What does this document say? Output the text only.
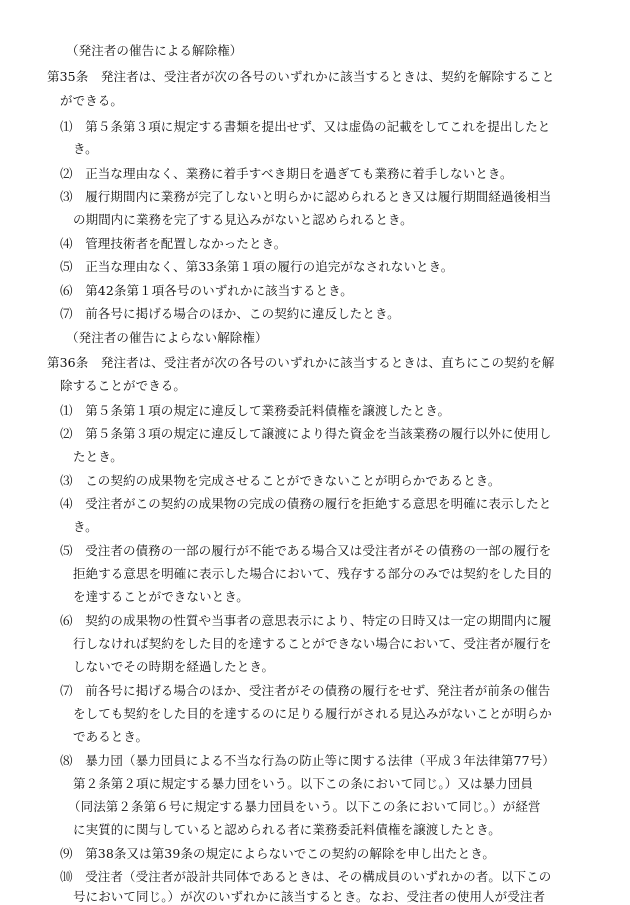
（発注者の催告による解除権）
第35条　発注者は、受注者が次の各号のいずれかに該当するときは、契約を解除すること
ができる。
⑴　第５条第３項に規定する書類を提出せず、又は虚偽の記載をしてこれを提出したと
き。
⑵　正当な理由なく、業務に着手すべき期日を過ぎても業務に着手しないとき。
⑶　履行期間内に業務が完了しないと明らかに認められるとき又は履行期間経過後相当
の期間内に業務を完了する見込みがないと認められるとき。
⑷　管理技術者を配置しなかったとき。
⑸　正当な理由なく、第33条第１項の履行の追完がなされないとき。
⑹　第42条第１項各号のいずれかに該当するとき。
⑺　前各号に掲げる場合のほか、この契約に違反したとき。
（発注者の催告によらない解除権）
第36条　発注者は、受注者が次の各号のいずれかに該当するときは、直ちにこの契約を解
除することができる。
⑴　第５条第１項の規定に違反して業務委託料債権を譲渡したとき。
⑵　第５条第３項の規定に違反して譲渡により得た資金を当該業務の履行以外に使用し
たとき。
⑶　この契約の成果物を完成させることができないことが明らかであるとき。
⑷　受注者がこの契約の成果物の完成の債務の履行を拒絶する意思を明確に表示したと
き。
⑸　受注者の債務の一部の履行が不能である場合又は受注者がその債務の一部の履行を
拒絶する意思を明確に表示した場合において、残存する部分のみでは契約をした目的
を達することができないとき。
⑹　契約の成果物の性質や当事者の意思表示により、特定の日時又は一定の期間内に履
行しなければ契約をした目的を達することができない場合において、受注者が履行を
しないでその時期を経過したとき。
⑺　前各号に掲げる場合のほか、受注者がその債務の履行をせず、発注者が前条の催告
をしても契約をした目的を達するのに足りる履行がされる見込みがないことが明らか
であるとき。
⑻　暴力団（暴力団員による不当な行為の防止等に関する法律（平成３年法律第77号）
第２条第２項に規定する暴力団をいう。以下この条において同じ。）又は暴力団員
（同法第２条第６号に規定する暴力団員をいう。以下この条において同じ。）が経営
に実質的に関与していると認められる者に業務委託料債権を譲渡したとき。
⑼　第38条又は第39条の規定によらないでこの契約の解除を申し出たとき。
⑽　受注者（受注者が設計共同体であるときは、その構成員のいずれかの者。以下この
号において同じ。）が次のいずれかに該当するとき。なお、受注者の使用人が受注者
